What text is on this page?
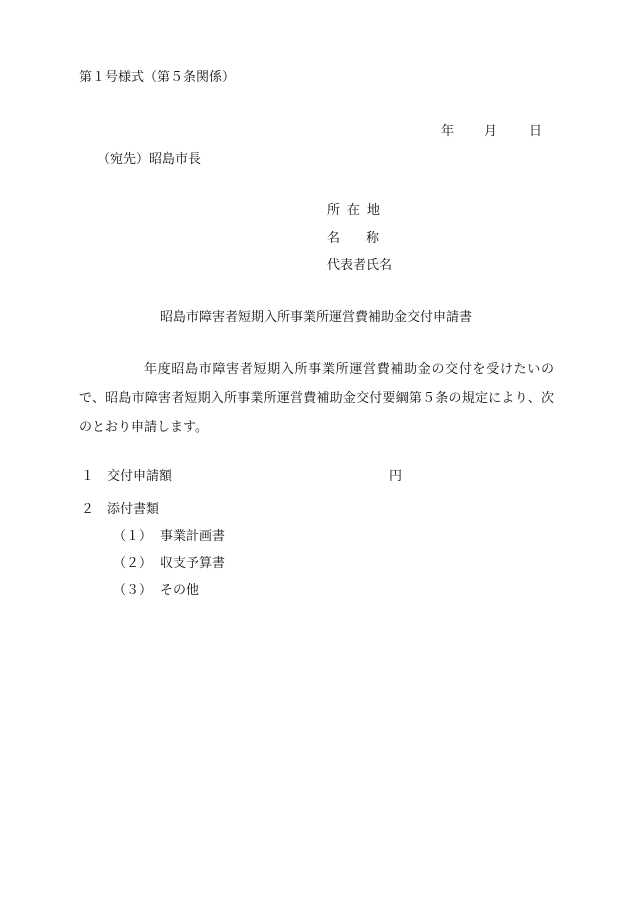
第１号様式（第５条関係）
年 月 日
（宛先）昭島市長
所在地
名称
代表者氏名
昭島市障害者短期入所事業所運営費補助金交付申請書
年度昭島市障害者短期入所事業所運営費補助金の交付を受けたいので、昭島市障害者短期入所事業所運営費補助金交付要綱第５条の規定により、次のとおり申請します。
１ 交付申請額	円
２ 添付書類
（１） 事業計画書
（２） 収支予算書
（３） その他
